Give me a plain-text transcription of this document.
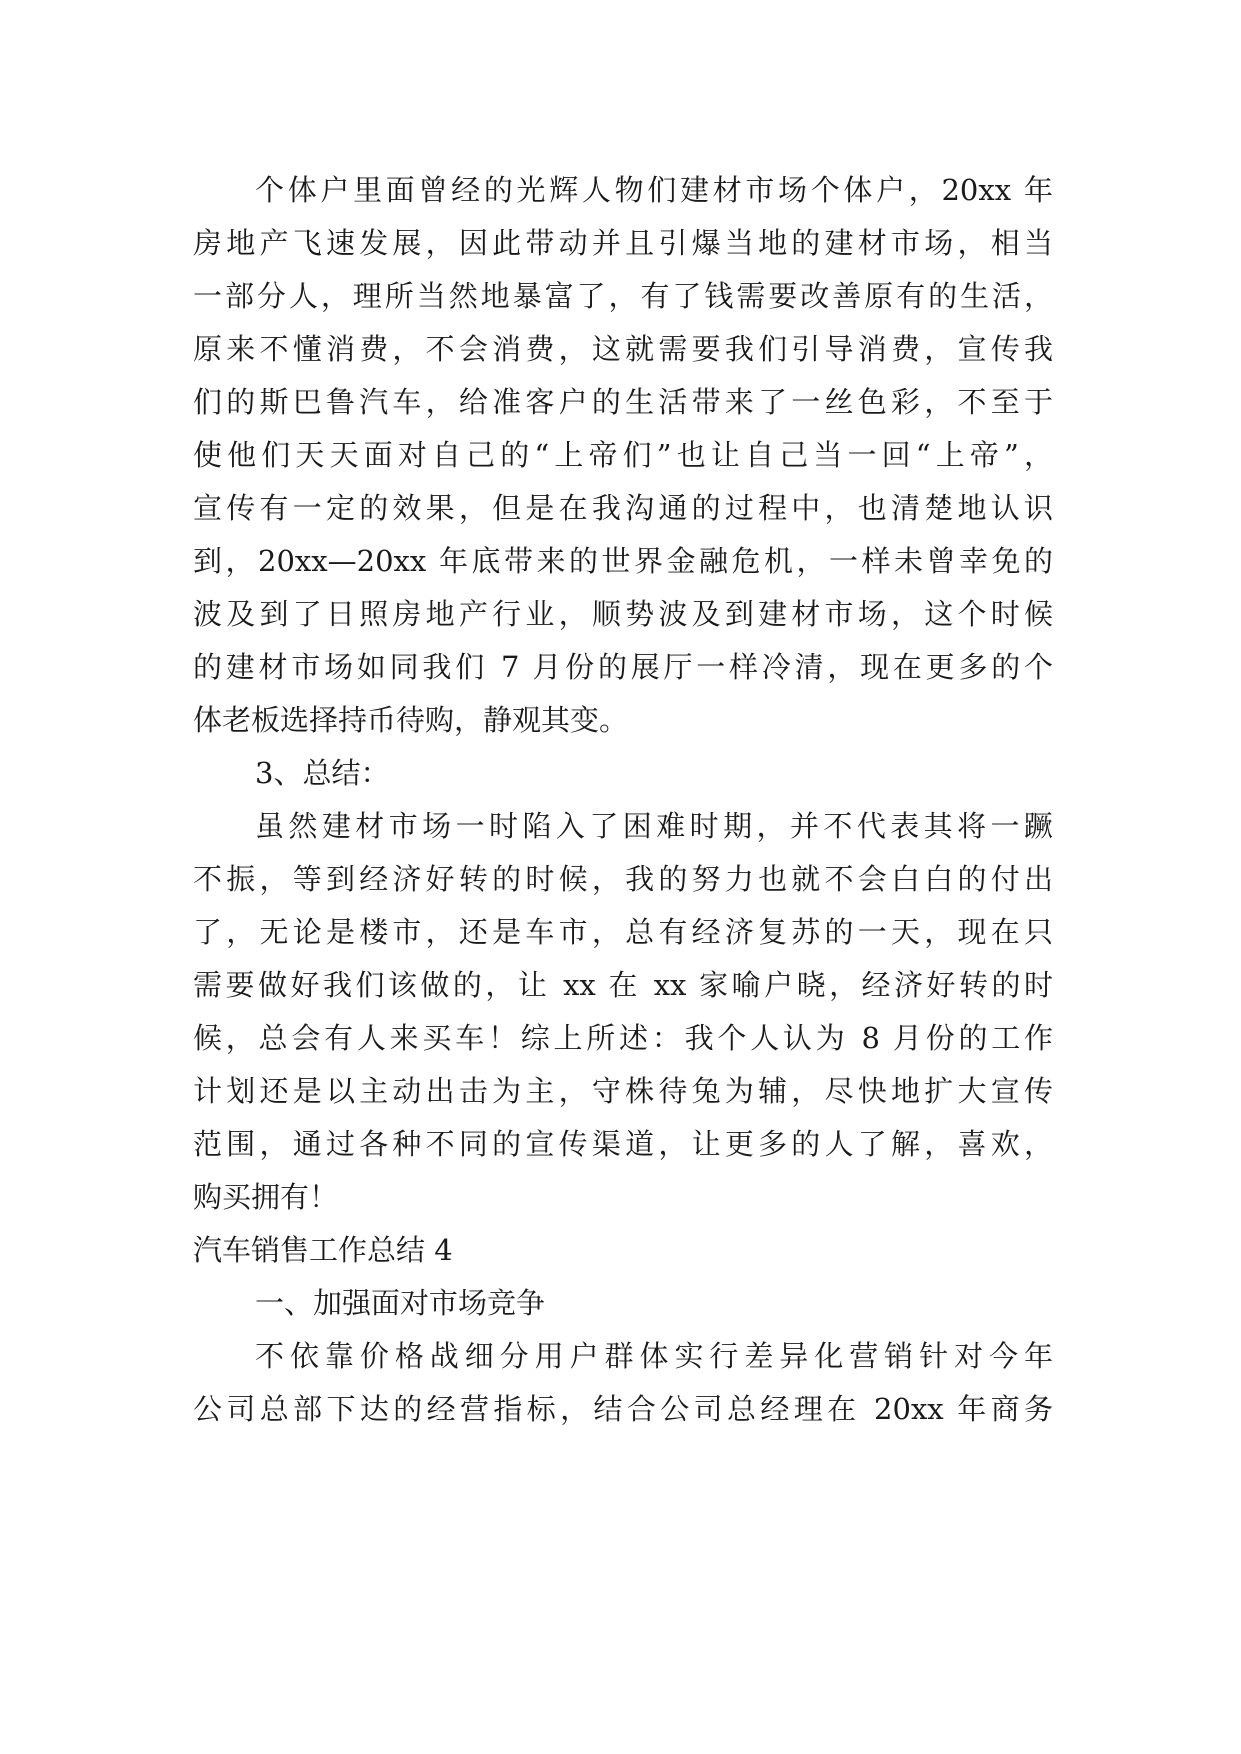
个体户里面曾经的光辉人物们建材市场个体户，20xx 年
房地产飞速发展，因此带动并且引爆当地的建材市场，相当
一部分人，理所当然地暴富了，有了钱需要改善原有的生活，
原来不懂消费，不会消费，这就需要我们引导消费，宣传我
们的斯巴鲁汽车，给准客户的生活带来了一丝色彩，不至于
使他们天天面对自己的“上帝们”也让自己当一回“上帝”，
宣传有一定的效果，但是在我沟通的过程中，也清楚地认识
到，20xx—20xx 年底带来的世界金融危机，一样未曾幸免的
波及到了日照房地产行业，顺势波及到建材市场，这个时候
的建材市场如同我们 7 月份的展厅一样冷清，现在更多的个
体老板选择持币待购，静观其变。
3、总结：
虽然建材市场一时陷入了困难时期，并不代表其将一蹶
不振，等到经济好转的时候，我的努力也就不会白白的付出
了，无论是楼市，还是车市，总有经济复苏的一天，现在只
需要做好我们该做的，让 xx 在 xx 家喻户晓，经济好转的时
候，总会有人来买车！综上所述：我个人认为 8 月份的工作
计划还是以主动出击为主，守株待兔为辅，尽快地扩大宣传
范围，通过各种不同的宣传渠道，让更多的人了解，喜欢，
购买拥有！
汽车销售工作总结 4
一、加强面对市场竞争
不依靠价格战细分用户群体实行差异化营销针对今年
公司总部下达的经营指标，结合公司总经理在 20xx 年商务
